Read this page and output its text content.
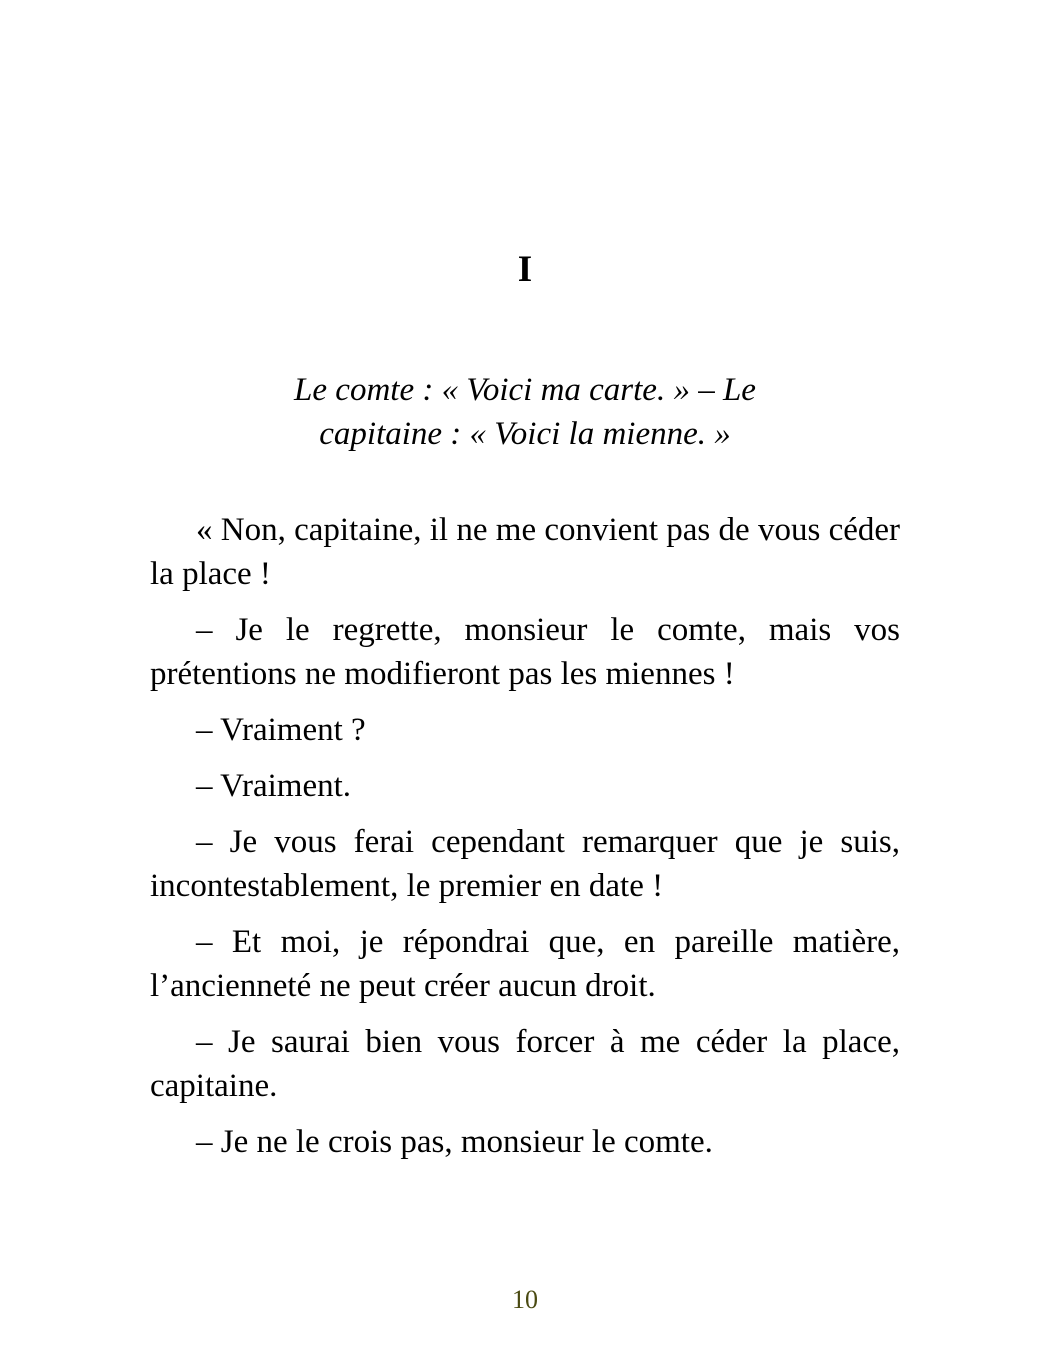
I

Le comte : « Voici ma carte. » – Le
capitaine : « Voici la mienne. »

« Non, capitaine, il ne me convient pas de vous céder la place !

– Je le regrette, monsieur le comte, mais vos prétentions ne modifieront pas les miennes !

– Vraiment ?

– Vraiment.

– Je vous ferai cependant remarquer que je suis, incontestablement, le premier en date !

– Et moi, je répondrai que, en pareille matière, l’ancienneté ne peut créer aucun droit.

– Je saurai bien vous forcer à me céder la place, capitaine.

– Je ne le crois pas, monsieur le comte.

10
